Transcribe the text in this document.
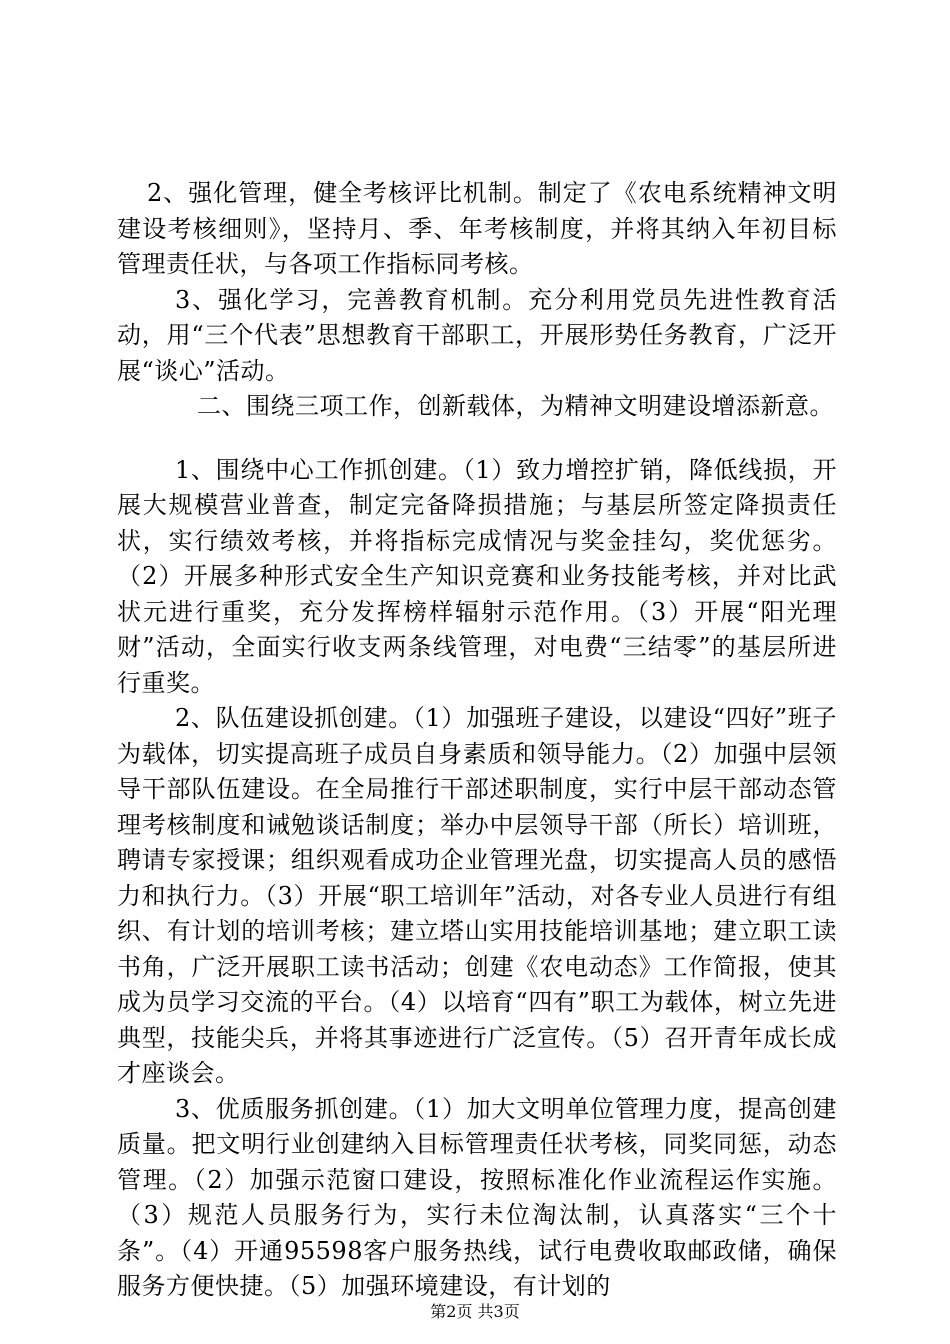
2、强化管理，健全考核评比机制。制定了《农电系统精神文明建设考核细则》，坚持月、季、年考核制度，并将其纳入年初目标管理责任状，与各项工作指标同考核。

3、强化学习，完善教育机制。充分利用党员先进性教育活动，用“三个代表”思想教育干部职工，开展形势任务教育，广泛开展“谈心”活动。

二、围绕三项工作，创新载体，为精神文明建设增添新意。

1、围绕中心工作抓创建。（1）致力增控扩销，降低线损，开展大规模营业普查，制定完备降损措施；与基层所签定降损责任状，实行绩效考核，并将指标完成情况与奖金挂勾，奖优惩劣。（2）开展多种形式安全生产知识竞赛和业务技能考核，并对比武状元进行重奖，充分发挥榜样辐射示范作用。（3）开展“阳光理财”活动，全面实行收支两条线管理，对电费“三结零”的基层所进行重奖。

2、队伍建设抓创建。（1）加强班子建设，以建设“四好”班子为载体，切实提高班子成员自身素质和领导能力。（2）加强中层领导干部队伍建设。在全局推行干部述职制度，实行中层干部动态管理考核制度和诫勉谈话制度；举办中层领导干部（所长）培训班，聘请专家授课；组织观看成功企业管理光盘，切实提高人员的感悟力和执行力。（3）开展“职工培训年”活动，对各专业人员进行有组织、有计划的培训考核；建立塔山实用技能培训基地；建立职工读书角，广泛开展职工读书活动；创建《农电动态》工作简报，使其成为员学习交流的平台。（4）以培育“四有”职工为载体，树立先进典型，技能尖兵，并将其事迹进行广泛宣传。（5）召开青年成长成才座谈会。

3、优质服务抓创建。（1）加大文明单位管理力度，提高创建质量。把文明行业创建纳入目标管理责任状考核，同奖同惩，动态管理。（2）加强示范窗口建设，按照标准化作业流程运作实施。（3）规范人员服务行为，实行未位淘汰制，认真落实“三个十条”。（4）开通95598客户服务热线，试行电费收取邮政储，确保服务方便快捷。（5）加强环境建设，有计划的

第2页 共3页
